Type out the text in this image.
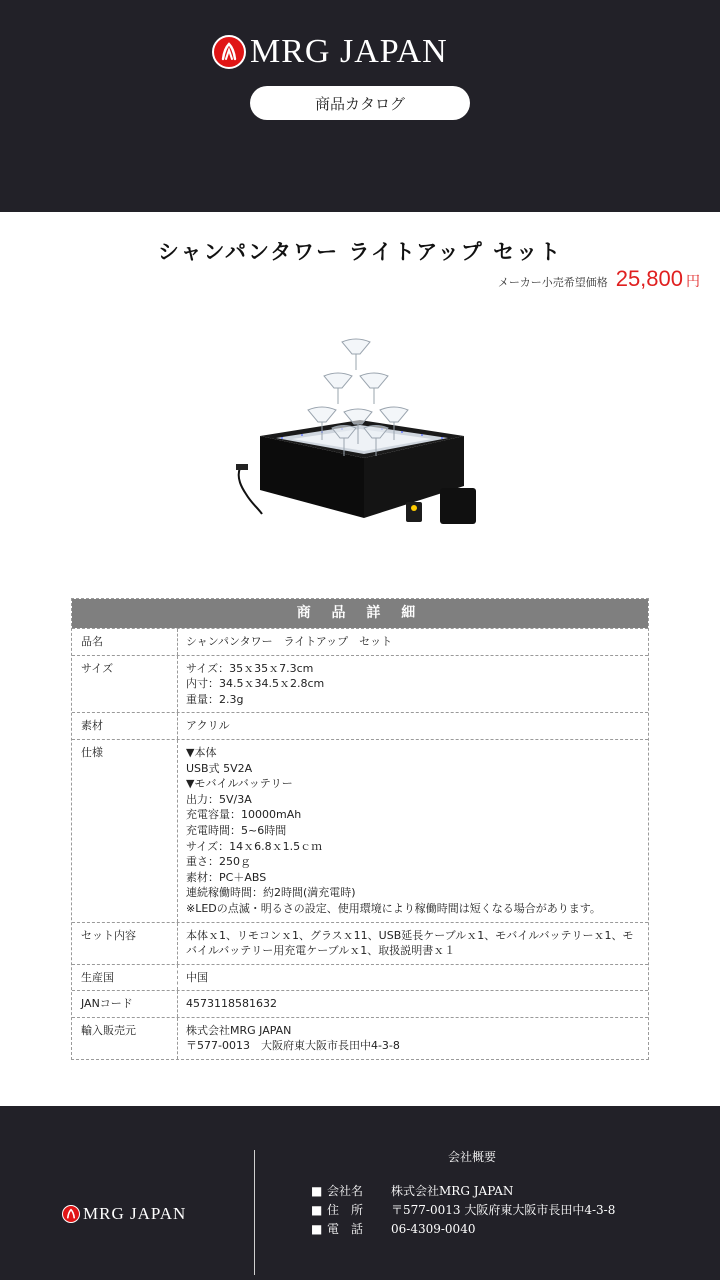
MRG JAPAN
商品カタログ
シャンパンタワー ライトアップ セット
メーカー小売希望価格 25,800 円
商 品 詳 細
品名	シャンパンタワー　ライトアップ　セット
サイズ	サイズ：35ｘ35ｘ7.3cm
内寸：34.5ｘ34.5ｘ2.8cm
重量：2.3g
素材	アクリル
仕様	▼本体
USB式 5V2A
▼モバイルバッテリー
出力：5V/3A
充電容量：10000mAh
充電時間：5~6時間
サイズ：14ｘ6.8ｘ1.5ｃｍ
重さ：250ｇ
素材：PC＋ABS
連続稼働時間：約2時間(満充電時)
※LEDの点滅・明るさの設定、使用環境により稼働時間は短くなる場合があります。
セット内容	本体ｘ1、リモコンｘ1、グラスｘ11、USB延長ケーブルｘ1、モバイルバッテリーｘ1、モバイルバッテリー用充電ケーブルｘ1、取扱説明書ｘ１
生産国	中国
JANコード	4573118581632
輸入販売元	株式会社MRG JAPAN
〒577-0013　大阪府東大阪市長田中4-3-8
MRG JAPAN
会社概要
■ 会社名	株式会社MRG JAPAN
■ 住　所	〒577-0013 大阪府東大阪市長田中4-3-8
■ 電　話	06-4309-0040
